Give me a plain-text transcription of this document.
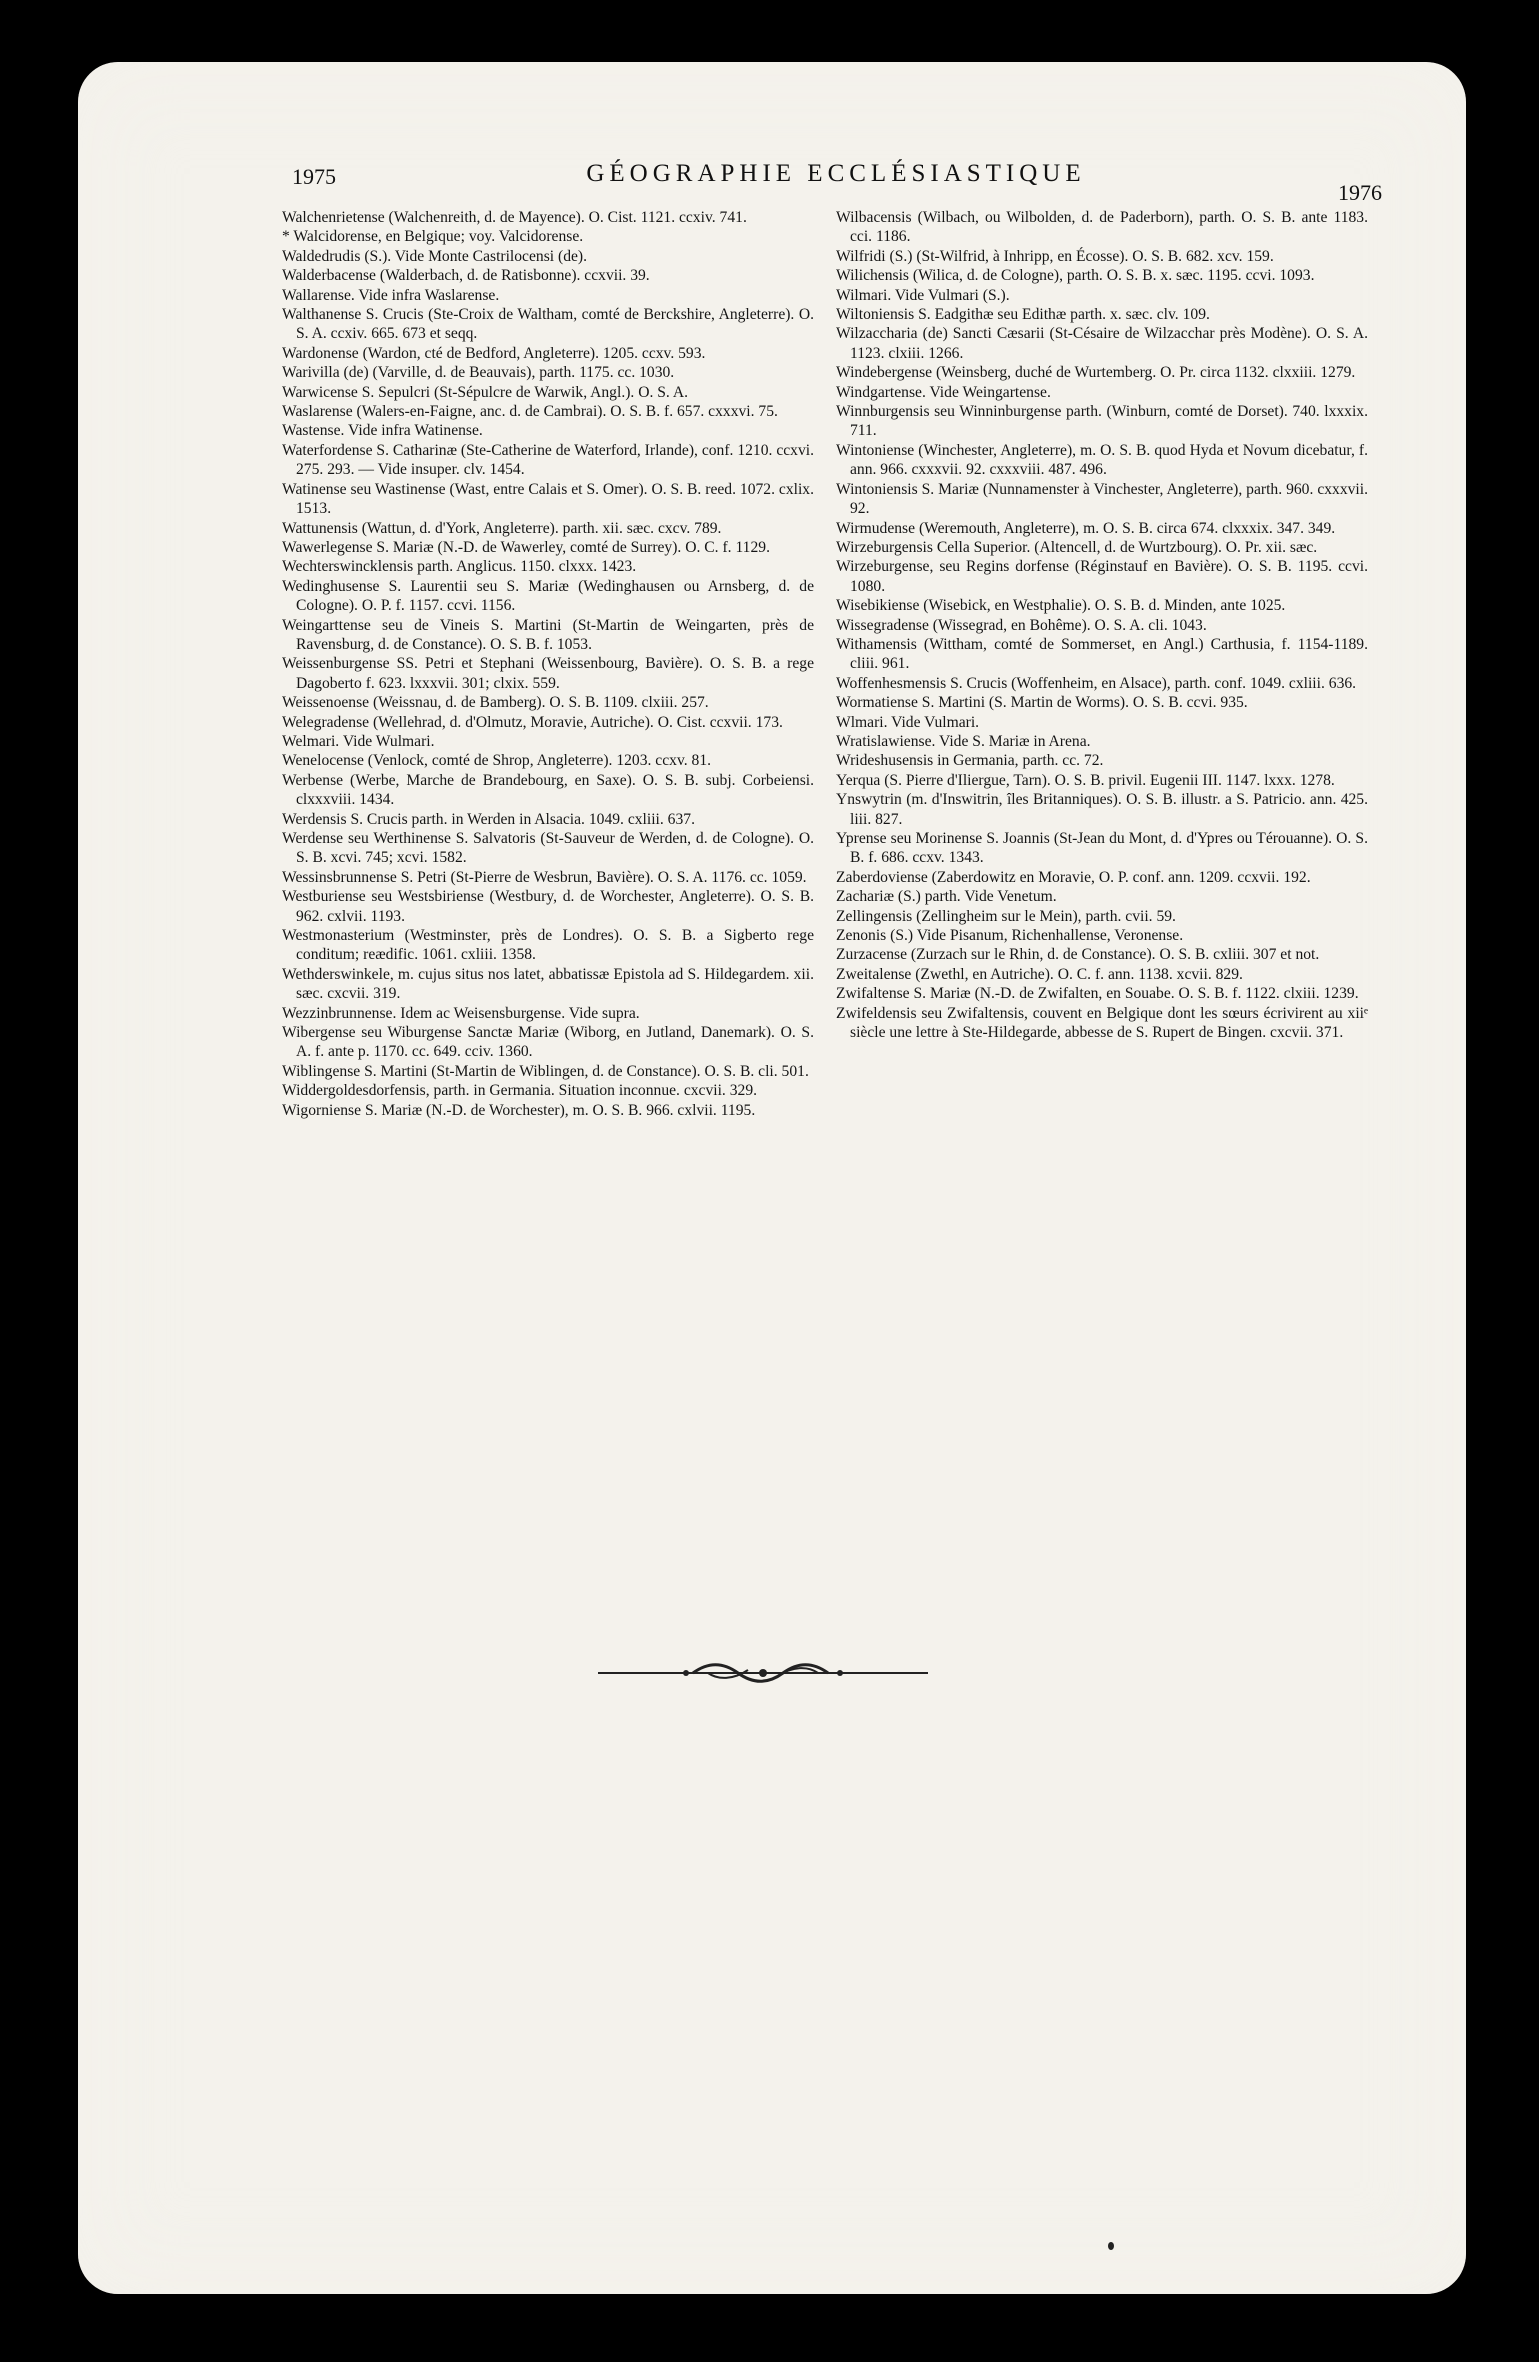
1975	GÉOGRAPHIE ECCLÉSIASTIQUE
1976

Walchenrietense (Walchenreith, d. de Mayence). O. Cist. 1121. ccxiv. 741.

* Walcidorense, en Belgique; voy. Valcidorense.

Waldedrudis (S.). Vide Monte Castrilocensi (de).

Walderbacense (Walderbach, d. de Ratisbonne). ccxvii. 39.

Wallarense. Vide infra Waslarense.

Walthanense S. Crucis (Ste-Croix de Waltham, comté de Berckshire, Angleterre). O. S. A. ccxiv. 665. 673 et seqq.

Wardonense (Wardon, cté de Bedford, Angleterre). 1205. ccxv. 593.

Warivilla (de) (Varville, d. de Beauvais), parth. 1175. cc. 1030.

Warwicense S. Sepulcri (St-Sépulcre de Warwik, Angl.). O. S. A.

Waslarense (Walers-en-Faigne, anc. d. de Cambrai). O. S. B. f. 657. cxxxvi. 75.

Wastense. Vide infra Watinense.

Waterfordense S. Catharinæ (Ste-Catherine de Waterford, Irlande), conf. 1210. ccxvi. 275. 293. — Vide insuper. clv. 1454.

Watinense seu Wastinense (Wast, entre Calais et S. Omer). O. S. B. reed. 1072. cxlix. 1513.

Wattunensis (Wattun, d. d'York, Angleterre). parth. xii. sæc. cxcv. 789.

Wawerlegense S. Mariæ (N.-D. de Wawerley, comté de Surrey). O. C. f. 1129.

Wechterswincklensis parth. Anglicus. 1150. clxxx. 1423.

Wedinghusense S. Laurentii seu S. Mariæ (Wedinghausen ou Arnsberg, d. de Cologne). O. P. f. 1157. ccvi. 1156.

Weingarttense seu de Vineis S. Martini (St-Martin de Weingarten, près de Ravensburg, d. de Constance). O. S. B. f. 1053.

Weissenburgense SS. Petri et Stephani (Weissenbourg, Bavière). O. S. B. a rege Dagoberto f. 623. lxxxvii. 301; clxix. 559.

Weissenoense (Weissnau, d. de Bamberg). O. S. B. 1109. clxiii. 257.

Welegradense (Wellehrad, d. d'Olmutz, Moravie, Autriche). O. Cist. ccxvii. 173.

Welmari. Vide Wulmari.

Wenelocense (Venlock, comté de Shrop, Angleterre). 1203. ccxv. 81.

Werbense (Werbe, Marche de Brandebourg, en Saxe). O. S. B. subj. Corbeiensi. clxxxviii. 1434.

Werdensis S. Crucis parth. in Werden in Alsacia. 1049. cxliii. 637.

Werdense seu Werthinense S. Salvatoris (St-Sauveur de Werden, d. de Cologne). O. S. B. xcvi. 745; xcvi. 1582.

Wessinsbrunnense S. Petri (St-Pierre de Wesbrun, Bavière). O. S. A. 1176. cc. 1059.

Westburiense seu Westsbiriense (Westbury, d. de Worchester, Angleterre). O. S. B. 962. cxlvii. 1193.

Westmonasterium (Westminster, près de Londres). O. S. B. a Sigberto rege conditum; reædific. 1061. cxliii. 1358.

Wethderswinkele, m. cujus situs nos latet, abbatissæ Epistola ad S. Hildegardem. xii. sæc. cxcvii. 319.

Wezzinbrunnense. Idem ac Weisensburgense. Vide supra.

Wibergense seu Wiburgense Sanctæ Mariæ (Wiborg, en Jutland, Danemark). O. S. A. f. ante p. 1170. cc. 649. cciv. 1360.

Wiblingense S. Martini (St-Martin de Wiblingen, d. de Constance). O. S. B. cli. 501.

Widdergoldesdorfensis, parth. in Germania. Situation inconnue. cxcvii. 329.

Wigorniense S. Mariæ (N.-D. de Worchester), m. O. S. B. 966. cxlvii. 1195.

Wilbacensis (Wilbach, ou Wilbolden, d. de Paderborn), parth. O. S. B. ante 1183. cci. 1186.

Wilfridi (S.) (St-Wilfrid, à Inhripp, en Écosse). O. S. B. 682. xcv. 159.

Wilichensis (Wilica, d. de Cologne), parth. O. S. B. x. sæc. 1195. ccvi. 1093.

Wilmari. Vide Vulmari (S.).

Wiltoniensis S. Eadgithæ seu Edithæ parth. x. sæc. clv. 109.

Wilzaccharia (de) Sancti Cæsarii (St-Césaire de Wilzacchar près Modène). O. S. A. 1123. clxiii. 1266.

Windebergense (Weinsberg, duché de Wurtemberg. O. Pr. circa 1132. clxxiii. 1279.

Windgartense. Vide Weingartense.

Winnburgensis seu Winninburgense parth. (Winburn, comté de Dorset). 740. lxxxix. 711.

Wintoniense (Winchester, Angleterre), m. O. S. B. quod Hyda et Novum dicebatur, f. ann. 966. cxxxvii. 92. cxxxviii. 487. 496.

Wintoniensis S. Mariæ (Nunnamenster à Vinchester, Angleterre), parth. 960. cxxxvii. 92.

Wirmudense (Weremouth, Angleterre), m. O. S. B. circa 674. clxxxix. 347. 349.

Wirzeburgensis Cella Superior. (Altencell, d. de Wurtzbourg). O. Pr. xii. sæc.

Wirzeburgense, seu Regins dorfense (Réginstauf en Bavière). O. S. B. 1195. ccvi. 1080.

Wisebikiense (Wisebick, en Westphalie). O. S. B. d. Minden, ante 1025.

Wissegradense (Wissegrad, en Bohême). O. S. A. cli. 1043.

Withamensis (Wittham, comté de Sommerset, en Angl.) Carthusia, f. 1154-1189. cliii. 961.

Woffenhesmensis S. Crucis (Woffenheim, en Alsace), parth. conf. 1049. cxliii. 636.

Wormatiense S. Martini (S. Martin de Worms). O. S. B. ccvi. 935.

Wlmari. Vide Vulmari.

Wratislawiense. Vide S. Mariæ in Arena.

Wrideshusensis in Germania, parth. cc. 72.

Yerqua (S. Pierre d'Iliergue, Tarn). O. S. B. privil. Eugenii III. 1147. lxxx. 1278.

Ynswytrin (m. d'Inswitrin, îles Britanniques). O. S. B. illustr. a S. Patricio. ann. 425. liii. 827.

Yprense seu Morinense S. Joannis (St-Jean du Mont, d. d'Ypres ou Térouanne). O. S. B. f. 686. ccxv. 1343.

Zaberdoviense (Zaberdowitz en Moravie, O. P. conf. ann. 1209. ccxvii. 192.

Zachariæ (S.) parth. Vide Venetum.

Zellingensis (Zellingheim sur le Mein), parth. cvii. 59.

Zenonis (S.) Vide Pisanum, Richenhallense, Veronense.

Zurzacense (Zurzach sur le Rhin, d. de Constance). O. S. B. cxliii. 307 et not.

Zweitalense (Zwethl, en Autriche). O. C. f. ann. 1138. xcvii. 829.

Zwifaltense S. Mariæ (N.-D. de Zwifalten, en Souabe. O. S. B. f. 1122. clxiii. 1239.

Zwifeldensis seu Zwifaltensis, couvent en Belgique dont les sœurs écrivirent au xiiᵉ siècle une lettre à Ste-Hildegarde, abbesse de S. Rupert de Bingen. cxcvii. 371.
